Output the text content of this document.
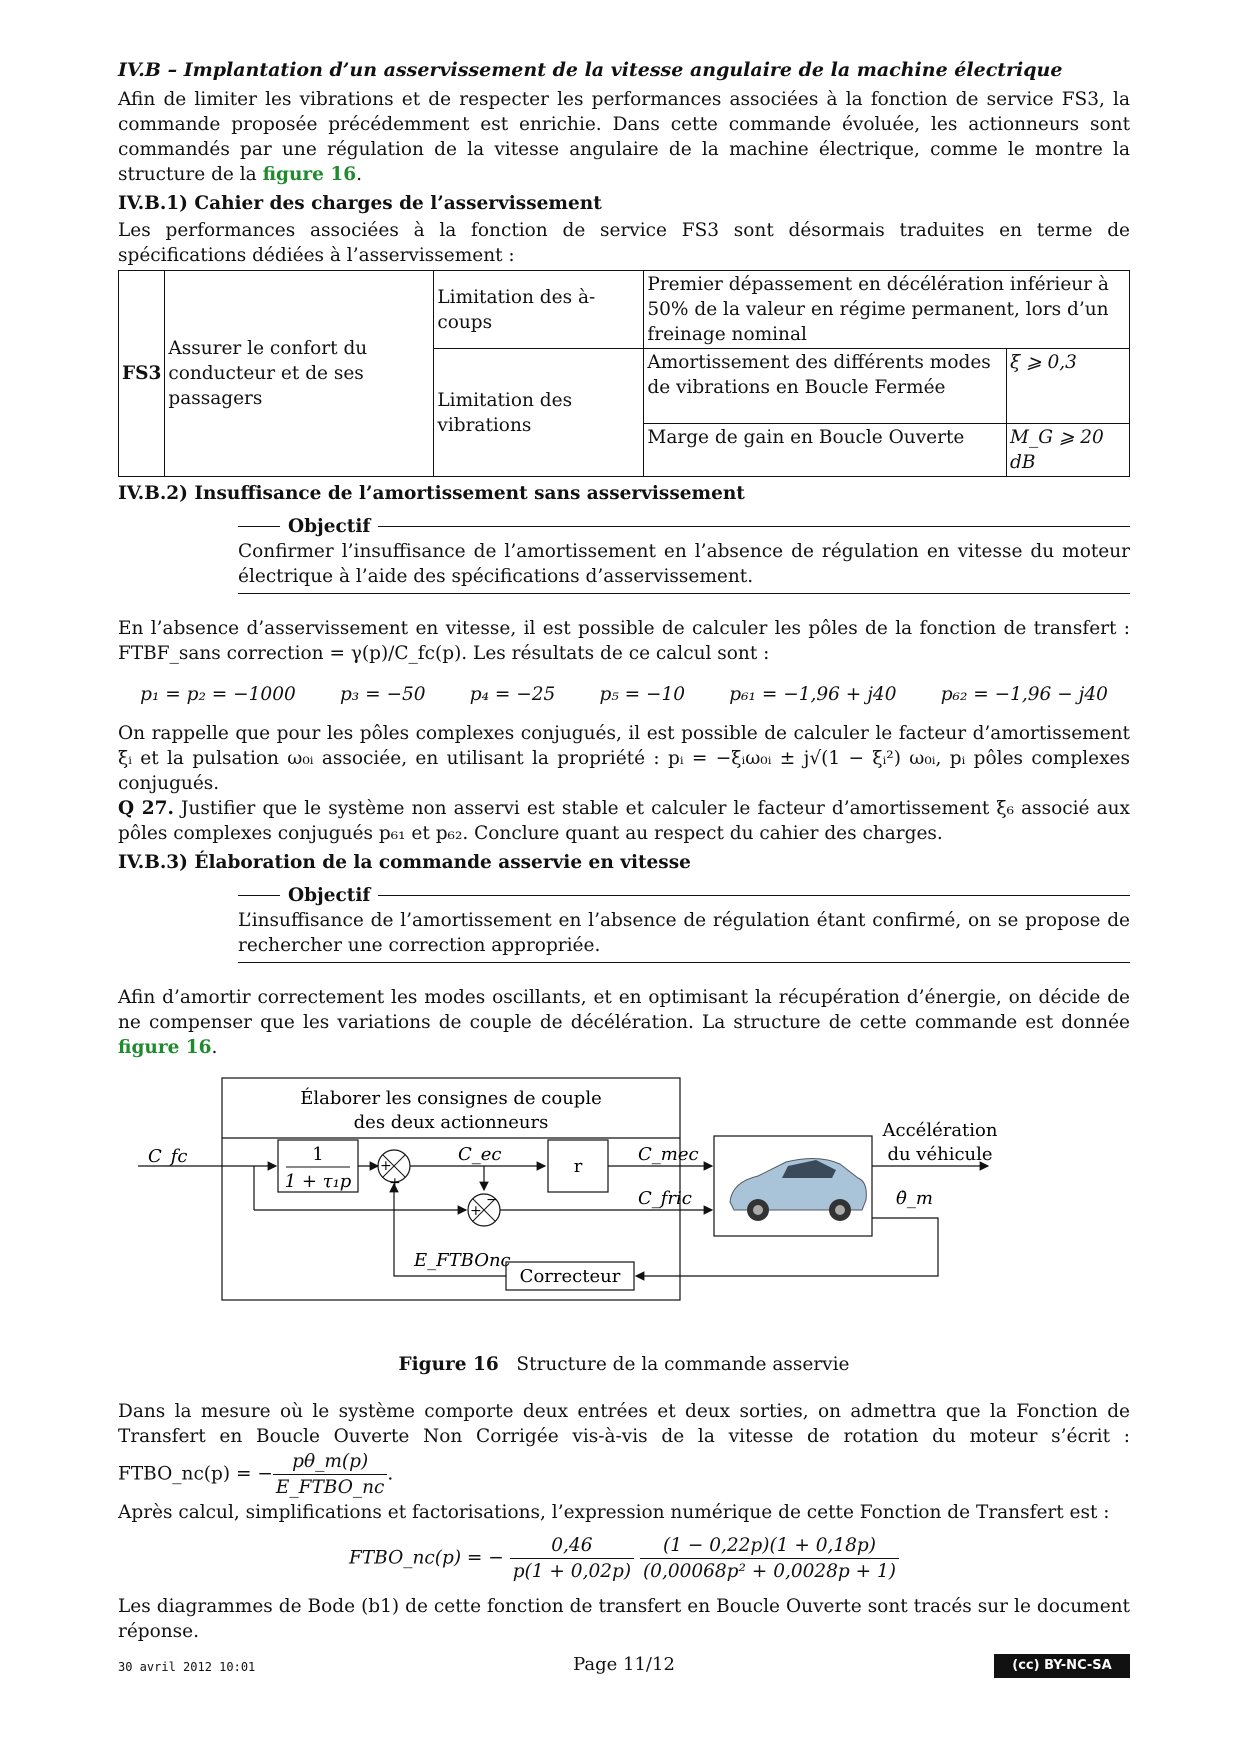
IV.B – Implantation d’un asservissement de la vitesse angulaire de la machine électrique

Afin de limiter les vibrations et de respecter les performances associées à la fonction de service FS3, la commande proposée précédemment est enrichie. Dans cette commande évoluée, les actionneurs sont commandés par une régulation de la vitesse angulaire de la machine électrique, comme le montre la structure de la figure 16.

IV.B.1) Cahier des charges de l’asservissement

Les performances associées à la fonction de service FS3 sont désormais traduites en terme de spécifications dédiées à l’asservissement :

FS3	Assurer le confort du conducteur et de ses passagers	Limitation des à-coups	Premier dépassement en décélération inférieur à 50% de la valeur en régime permanent, lors d’un freinage nominal	
		Limitation des vibrations	Amortissement des différents modes de vibrations en Boucle Fermée	ξ ⩾ 0,3
			Marge de gain en Boucle Ouverte	M_G ⩾ 20 dB
IV.B.2) Insuffisance de l’amortissement sans asservissement
Objectif
Confirmer l’insuffisance de l’amortissement en l’absence de régulation en vitesse du moteur électrique à l’aide des spécifications d’asservissement.

En l’absence d’asservissement en vitesse, il est possible de calculer les pôles de la fonction de transfert : FTBF_sans correction = γ(p)/C_fc(p). Les résultats de ce calcul sont :

p₁ = p₂ = −1000 p₃ = −50 p₄ = −25 p₅ = −10 p₆₁ = −1,96 + j40 p₆₂ = −1,96 − j40

On rappelle que pour les pôles complexes conjugués, il est possible de calculer le facteur d’amortissement ξᵢ et la pulsation ω₀ᵢ associée, en utilisant la propriété : pᵢ = −ξᵢω₀ᵢ ± j√(1 − ξᵢ²) ω₀ᵢ, pᵢ pôles complexes conjugués.

Q 27. Justifier que le système non asservi est stable et calculer le facteur d’amortissement ξ₆ associé aux pôles complexes conjugués p₆₁ et p₆₂. Conclure quant au respect du cahier des charges.

IV.B.3) Élaboration de la commande asservie en vitesse
Objectif
L’insuffisance de l’amortissement en l’absence de régulation étant confirmé, on se propose de rechercher une correction appropriée.

Afin d’amortir correctement les modes oscillants, et en optimisant la récupération d’énergie, on décide de ne compenser que les variations de couple de décélération. La structure de cette commande est donnée figure 16.

Élaborer les consignes de couple
des deux actionneurs
C_fc	1
1 + τ₁p
+
+
C_ec
r
C_mec
−
+
C_fric
Accélération
du véhicule
θ̇_m
Correcteur
E_FTBOnc
Figure 16 Structure de la commande asservie

Dans la mesure où le système comporte deux entrées et deux sorties, on admettra que la Fonction de Transfert en Boucle Ouverte Non Corrigée vis-à-vis de la vitesse de rotation du moteur s’écrit : FTBO_nc(p) = − $\frac{p\theta\_m(p)}{\text{E\_FTBO\_nc}}$ .

Après calcul, simplifications et factorisations, l’expression numérique de cette Fonction de Transfert est :

FTBO_nc(p) = − $\frac{0,46}{p(1 + 0,02p)}$
$\frac{(1 - 0,22p)(1 + 0,18p)}{\text{(0,00068p² + 0,0028p + 1)}}$

Les diagrammes de Bode (b1) de cette fonction de transfert en Boucle Ouverte sont tracés sur le document réponse.

30 avril 2012 10:01	Page 11/12	(cc) BY-NC-SA
